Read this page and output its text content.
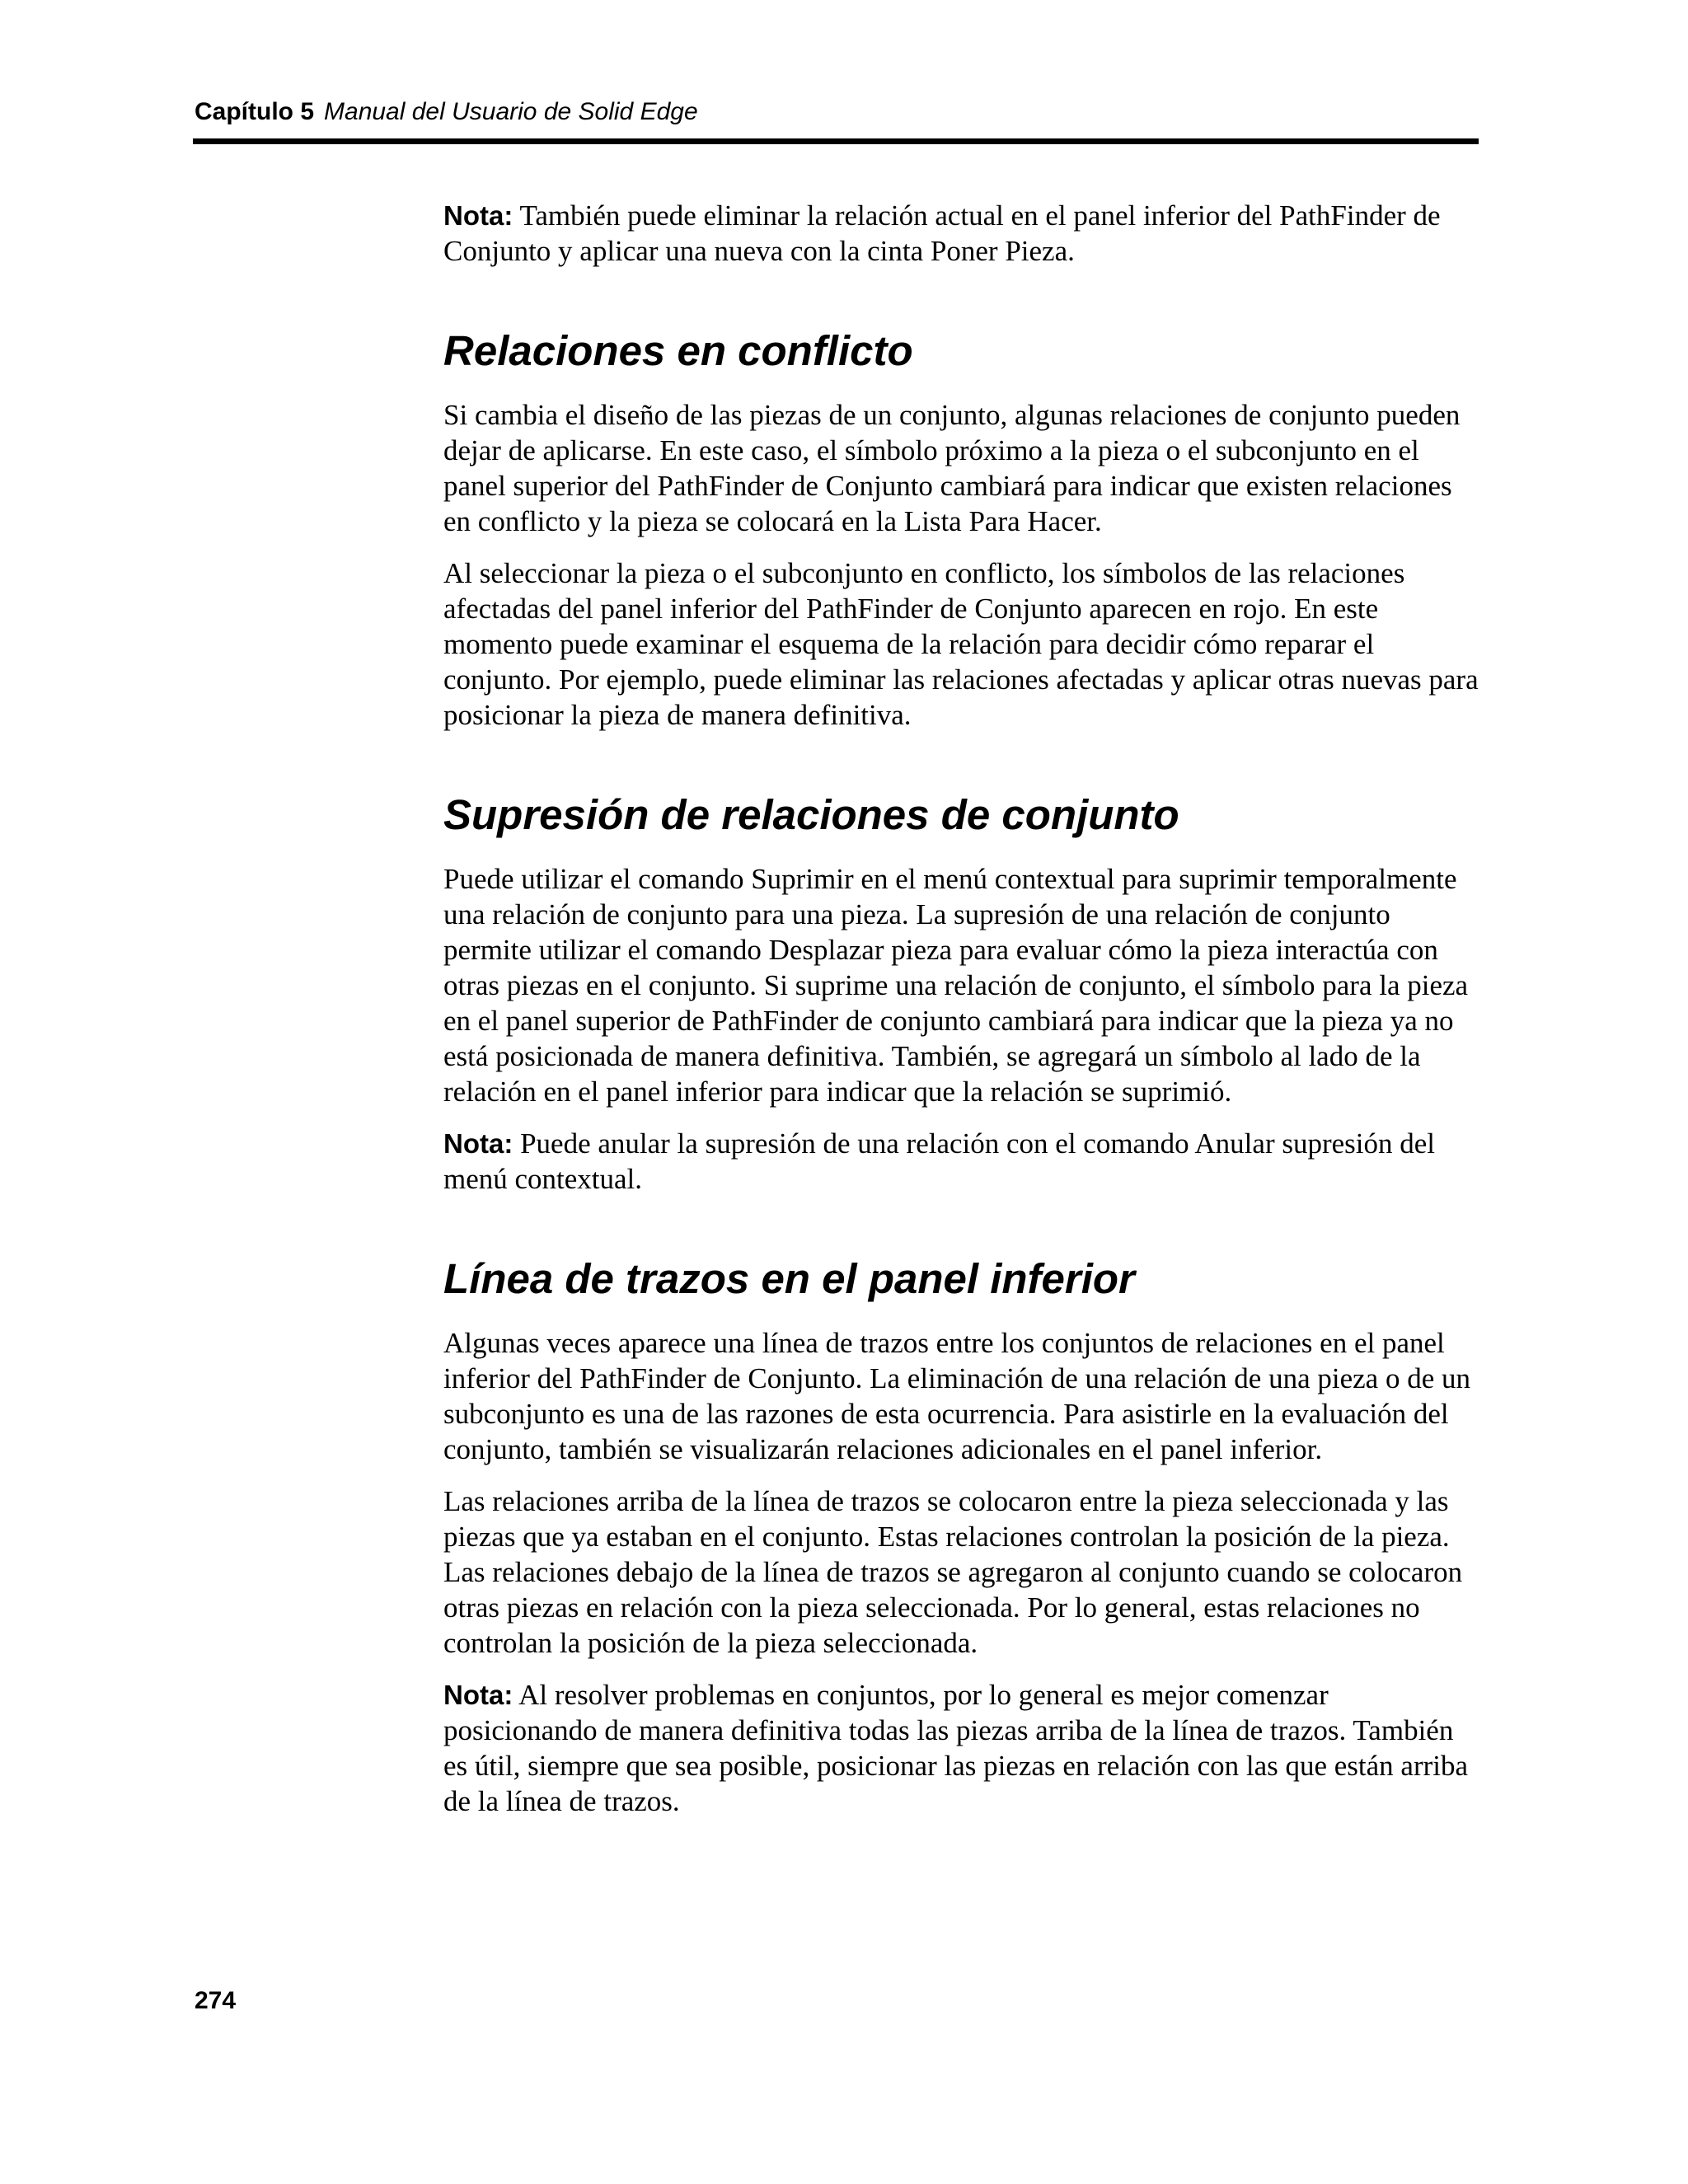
Capítulo 5 Manual del Usuario de Solid Edge

Nota: También puede eliminar la relación actual en el panel inferior del PathFinder de Conjunto y aplicar una nueva con la cinta Poner Pieza.

Relaciones en conflicto

Si cambia el diseño de las piezas de un conjunto, algunas relaciones de conjunto pueden dejar de aplicarse. En este caso, el símbolo próximo a la pieza o el subconjunto en el panel superior del PathFinder de Conjunto cambiará para indicar que existen relaciones en conflicto y la pieza se colocará en la Lista Para Hacer.

Al seleccionar la pieza o el subconjunto en conflicto, los símbolos de las relaciones afectadas del panel inferior del PathFinder de Conjunto aparecen en rojo. En este momento puede examinar el esquema de la relación para decidir cómo reparar el conjunto. Por ejemplo, puede eliminar las relaciones afectadas y aplicar otras nuevas para posicionar la pieza de manera definitiva.

Supresión de relaciones de conjunto

Puede utilizar el comando Suprimir en el menú contextual para suprimir temporalmente una relación de conjunto para una pieza. La supresión de una relación de conjunto permite utilizar el comando Desplazar pieza para evaluar cómo la pieza interactúa con otras piezas en el conjunto. Si suprime una relación de conjunto, el símbolo para la pieza en el panel superior de PathFinder de conjunto cambiará para indicar que la pieza ya no está posicionada de manera definitiva. También, se agregará un símbolo al lado de la relación en el panel inferior para indicar que la relación se suprimió.

Nota: Puede anular la supresión de una relación con el comando Anular supresión del menú contextual.

Línea de trazos en el panel inferior

Algunas veces aparece una línea de trazos entre los conjuntos de relaciones en el panel inferior del PathFinder de Conjunto. La eliminación de una relación de una pieza o de un subconjunto es una de las razones de esta ocurrencia. Para asistirle en la evaluación del conjunto, también se visualizarán relaciones adicionales en el panel inferior.

Las relaciones arriba de la línea de trazos se colocaron entre la pieza seleccionada y las piezas que ya estaban en el conjunto. Estas relaciones controlan la posición de la pieza. Las relaciones debajo de la línea de trazos se agregaron al conjunto cuando se colocaron otras piezas en relación con la pieza seleccionada. Por lo general, estas relaciones no controlan la posición de la pieza seleccionada.

Nota: Al resolver problemas en conjuntos, por lo general es mejor comenzar posicionando de manera definitiva todas las piezas arriba de la línea de trazos. También es útil, siempre que sea posible, posicionar las piezas en relación con las que están arriba de la línea de trazos.

274
